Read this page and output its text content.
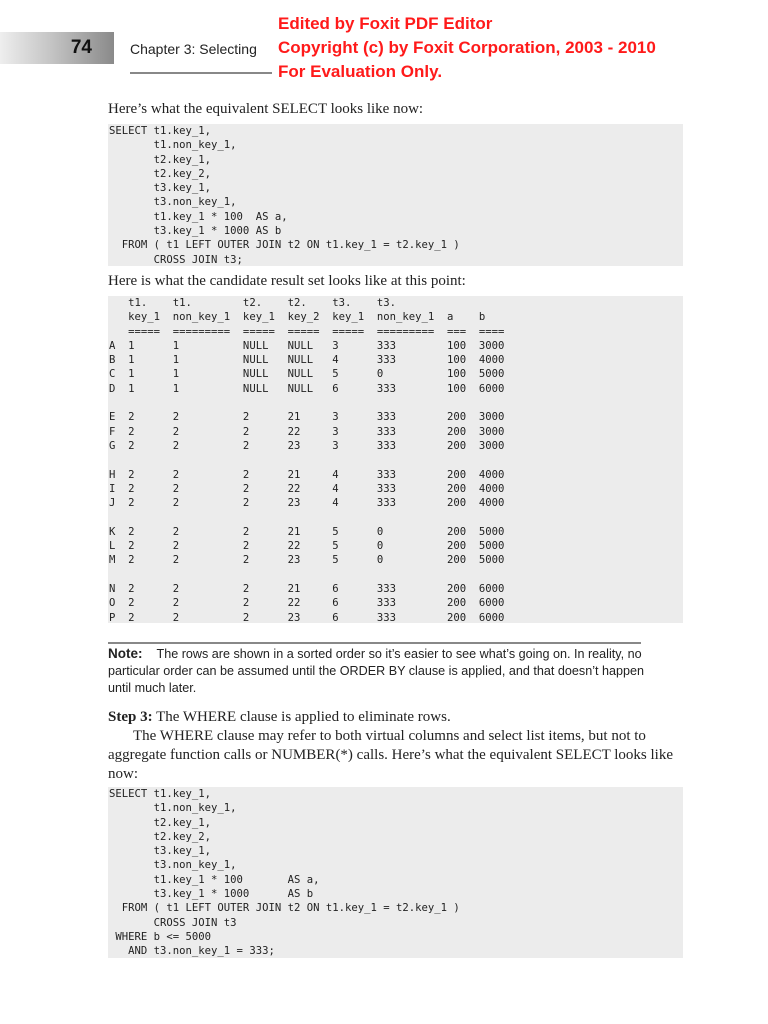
74	Chapter 3: Selecting
Edited by Foxit PDF Editor
Copyright (c) by Foxit Corporation, 2003 - 2010
For Evaluation Only.
Here’s what the equivalent SELECT looks like now:
SELECT t1.key_1,
t1.non_key_1,
t2.key_1,
t2.key_2,
t3.key_1,
t3.non_key_1,
t1.key_1 * 100  AS a,
t3.key_1 * 1000 AS b
FROM ( t1 LEFT OUTER JOIN t2 ON t1.key_1 = t2.key_1 )
CROSS JOIN t3;
Here is what the candidate result set looks like at this point:
t1.    t1.        t2.    t2.    t3.    t3.
key_1  non_key_1  key_1  key_2  key_1  non_key_1  a    b
=====  =========  =====  =====  =====  =========  ===  ====
A  1      1          NULL   NULL   3      333        100  3000
B  1      1          NULL   NULL   4      333        100  4000
C  1      1          NULL   NULL   5      0          100  5000
D  1      1          NULL   NULL   6      333        100  6000
E  2      2          2      21     3      333        200  3000
F  2      2          2      22     3      333        200  3000
G  2      2          2      23     3      333        200  3000
H  2      2          2      21     4      333        200  4000
I  2      2          2      22     4      333        200  4000
J  2      2          2      23     4      333        200  4000
K  2      2          2      21     5      0          200  5000
L  2      2          2      22     5      0          200  5000
M  2      2          2      23     5      0          200  5000
N  2      2          2      21     6      333        200  6000
O  2      2          2      22     6      333        200  6000
P  2      2          2      23     6      333        200  6000
Note: The rows are shown in a sorted order so it’s easier to see what’s going on. In reality, no particular order can be assumed until the ORDER BY clause is applied, and that doesn’t happen until much later.
Step 3: The WHERE clause is applied to eliminate rows.
The WHERE clause may refer to both virtual columns and select list items, but not to aggregate function calls or NUMBER(*) calls. Here’s what the equivalent SELECT looks like now:
SELECT t1.key_1,
t1.non_key_1,
t2.key_1,
t2.key_2,
t3.key_1,
t3.non_key_1,
t1.key_1 * 100       AS a,
t3.key_1 * 1000      AS b
FROM ( t1 LEFT OUTER JOIN t2 ON t1.key_1 = t2.key_1 )
CROSS JOIN t3
WHERE b <= 5000
AND t3.non_key_1 = 333;
